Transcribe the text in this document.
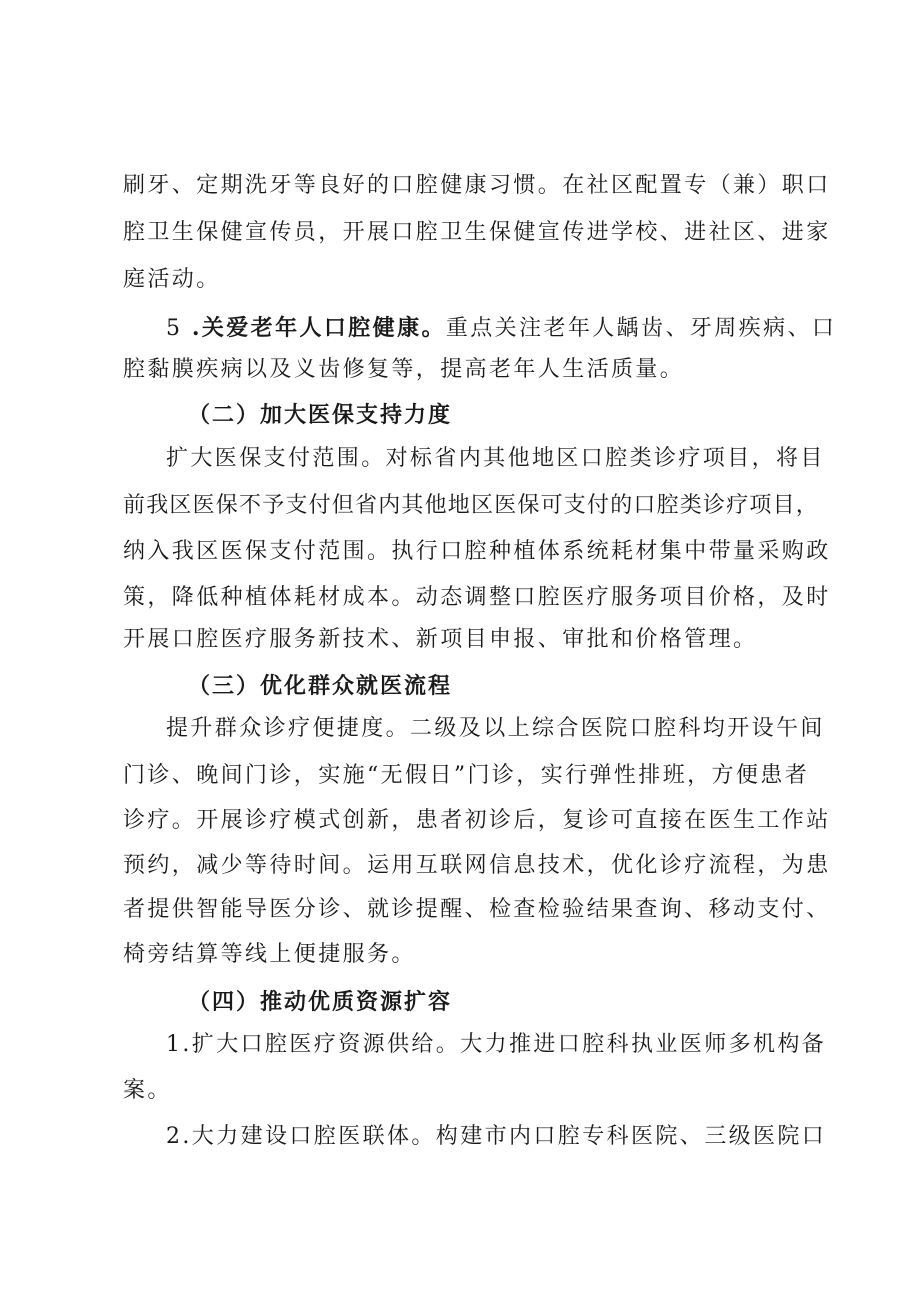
刷牙、定期洗牙等良好的口腔健康习惯。在社区配置专（兼）职口
腔卫生保健宣传员，开展口腔卫生保健宣传进学校、进社区、进家
庭活动。
5 .关爱老年人口腔健康。重点关注老年人龋齿、牙周疾病、口
腔黏膜疾病以及义齿修复等，提高老年人生活质量。
（二）加大医保支持力度
扩大医保支付范围。对标省内其他地区口腔类诊疗项目，将目
前我区医保不予支付但省内其他地区医保可支付的口腔类诊疗项目，
纳入我区医保支付范围。执行口腔种植体系统耗材集中带量采购政
策，降低种植体耗材成本。动态调整口腔医疗服务项目价格，及时
开展口腔医疗服务新技术、新项目申报、审批和价格管理。
（三）优化群众就医流程
提升群众诊疗便捷度。二级及以上综合医院口腔科均开设午间
门诊、晚间门诊，实施“无假日”门诊，实行弹性排班，方便患者
诊疗。开展诊疗模式创新，患者初诊后，复诊可直接在医生工作站
预约，减少等待时间。运用互联网信息技术，优化诊疗流程，为患
者提供智能导医分诊、就诊提醒、检查检验结果查询、移动支付、
椅旁结算等线上便捷服务。
（四）推动优质资源扩容
1.扩大口腔医疗资源供给。大力推进口腔科执业医师多机构备
案。
2.大力建设口腔医联体。构建市内口腔专科医院、三级医院口
